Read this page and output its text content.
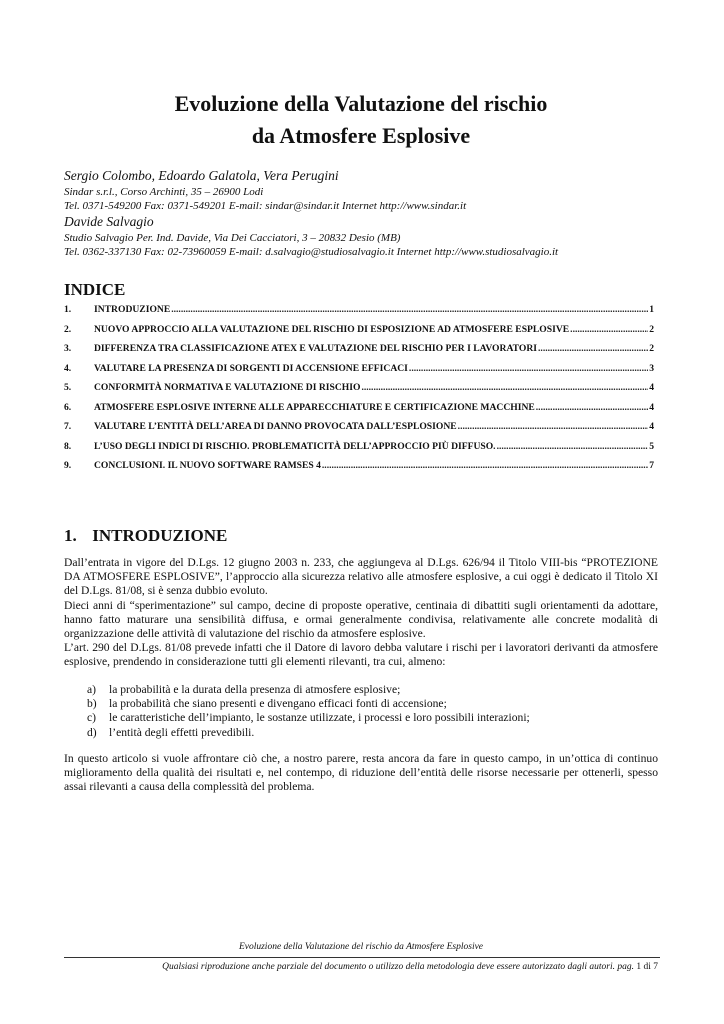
Evoluzione della Valutazione del rischio
da Atmosfere Esplosive
Sergio Colombo, Edoardo Galatola, Vera Perugini
Sindar s.r.l., Corso Archinti, 35 – 26900 Lodi
Tel. 0371-549200 Fax: 0371-549201 E-mail: sindar@sindar.it Internet http://www.sindar.it
Davide Salvagio
Studio Salvagio Per. Ind. Davide, Via Dei Cacciatori, 3 – 20832 Desio (MB)
Tel. 0362-337130 Fax: 02-73960059 E-mail: d.salvagio@studiosalvagio.it Internet http://www.studiosalvagio.it
INDICE
1.	INTRODUZIONE .....	1
2.	NUOVO APPROCCIO ALLA VALUTAZIONE DEL RISCHIO DI ESPOSIZIONE AD ATMOSFERE ESPLOSIVE .....	2
3.	DIFFERENZA TRA CLASSIFICAZIONE ATEX E VALUTAZIONE DEL RISCHIO PER I LAVORATORI .....	2
4.	VALUTARE LA PRESENZA DI SORGENTI DI ACCENSIONE EFFICACI .....	3
5.	CONFORMITÀ NORMATIVA E VALUTAZIONE DI RISCHIO .....	4
6.	ATMOSFERE ESPLOSIVE INTERNE ALLE APPARECCHIATURE E CERTIFICAZIONE MACCHINE .....	4
7.	VALUTARE L’ENTITÀ DELL’AREA DI DANNO PROVOCATA DALL’ESPLOSIONE .....	4
8.	L’USO DEGLI INDICI DI RISCHIO. PROBLEMATICITÀ DELL’APPROCCIO PIÙ DIFFUSO. .....	5
9.	CONCLUSIONI. IL NUOVO SOFTWARE RAMSES 4 .....	7
1. INTRODUZIONE

Dall’entrata in vigore del D.Lgs. 12 giugno 2003 n. 233, che aggiungeva al D.Lgs. 626/94 il Titolo VIII-bis “PROTEZIONE DA ATMOSFERE ESPLOSIVE”, l’approccio alla sicurezza relativo alle atmosfere esplosive, a cui oggi è dedicato il Titolo XI del D.Lgs. 81/08, si è senza dubbio evoluto.

Dieci anni di “sperimentazione” sul campo, decine di proposte operative, centinaia di dibattiti sugli orientamenti da adottare, hanno fatto maturare una sensibilità diffusa, e ormai generalmente condivisa, relativamente alle concrete modalità di organizzazione delle attività di valutazione del rischio da atmosfere esplosive.

L’art. 290 del D.Lgs. 81/08 prevede infatti che il Datore di lavoro debba valutare i rischi per i lavoratori derivanti da atmosfere esplosive, prendendo in considerazione tutti gli elementi rilevanti, tra cui, almeno:

a)	la probabilità e la durata della presenza di atmosfere esplosive;
b)	la probabilità che siano presenti e divengano efficaci fonti di accensione;
c)	le caratteristiche dell’impianto, le sostanze utilizzate, i processi e loro possibili interazioni;
d)	l’entità degli effetti prevedibili.
In questo articolo si vuole affrontare ciò che, a nostro parere, resta ancora da fare in questo campo, in un’ottica di continuo miglioramento della qualità dei risultati e, nel contempo, di riduzione dell’entità delle risorse necessarie per ottenerli, spesso assai rilevanti a causa della complessità del problema.
Evoluzione della Valutazione del rischio da Atmosfere Esplosive
Qualsiasi riproduzione anche parziale del documento o utilizzo della metodologia deve essere autorizzato dagli autori. pag. 1 di 7
